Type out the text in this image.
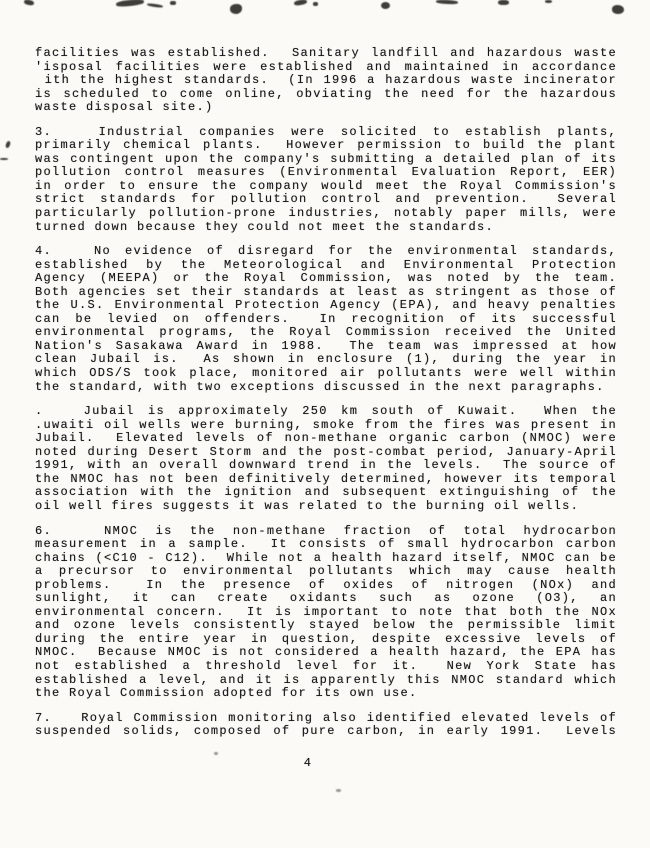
facilities was established.  Sanitary landfill and hazardous waste
'isposal facilities were established and maintained in accordance
ith the highest standards.  (In 1996 a hazardous waste incinerator
is scheduled to come online, obviating the need for the hazardous
waste disposal site.)
3.   Industrial companies were solicited to establish plants,
primarily chemical plants.  However permission to build the plant
was contingent upon the company's submitting a detailed plan of its
pollution control measures (Environmental Evaluation Report, EER)
in order to ensure the company would meet the Royal Commission's
strict standards for pollution control and prevention.  Several
particularly pollution-prone industries, notably paper mills, were
turned down because they could not meet the standards.
4.   No evidence of disregard for the environmental standards,
established by the Meteorological and Environmental Protection
Agency (MEEPA) or the Royal Commission, was noted by the team.
Both agencies set their standards at least as stringent as those of
the U.S. Environmental Protection Agency (EPA), and heavy penalties
can be levied on offenders.  In recognition of its successful
environmental programs, the Royal Commission received the United
Nation's Sasakawa Award in 1988.  The team was impressed at how
clean Jubail is.  As shown in enclosure (1), during the year in
which ODS/S took place, monitored air pollutants were well within
the standard, with two exceptions discussed in the next paragraphs.
.   Jubail is approximately 250 km south of Kuwait.  When the
.uwaiti oil wells were burning, smoke from the fires was present in
Jubail.  Elevated levels of non-methane organic carbon (NMOC) were
noted during Desert Storm and the post-combat period, January-April
1991, with an overall downward trend in the levels.  The source of
the NMOC has not been definitively determined, however its temporal
association with the ignition and subsequent extinguishing of the
oil well fires suggests it was related to the burning oil wells.
6.   NMOC is the non-methane fraction of total hydrocarbon
measurement in a sample.  It consists of small hydrocarbon carbon
chains (<C10 - C12).  While not a health hazard itself, NMOC can be
a precursor to environmental pollutants which may cause health
problems.  In the presence of oxides of nitrogen (NOx) and
sunlight, it can create oxidants such as ozone (O3), an
environmental concern.  It is important to note that both the NOx
and ozone levels consistently stayed below the permissible limit
during the entire year in question, despite excessive levels of
NMOC.  Because NMOC is not considered a health hazard, the EPA has
not established a threshold level for it.  New York State has
established a level, and it is apparently this NMOC standard which
the Royal Commission adopted for its own use.
7.   Royal Commission monitoring also identified elevated levels of
suspended solids, composed of pure carbon, in early 1991.  Levels
4
